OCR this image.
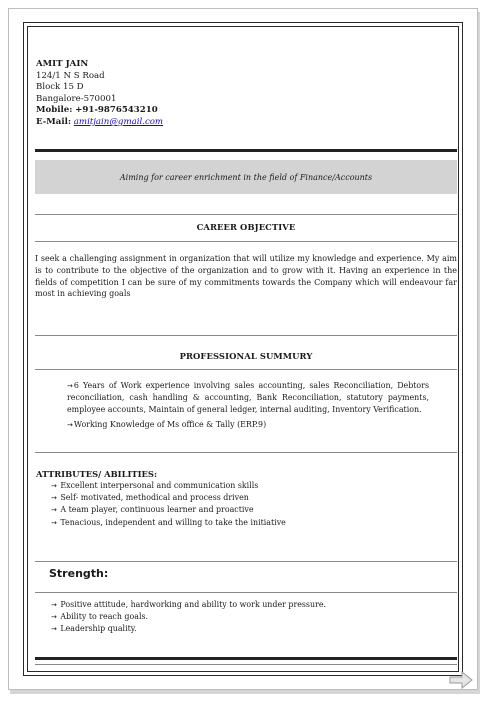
AMIT JAIN
124/1 N S Road
Block 15 D
Bangalore-570001
Mobile: +91-9876543210
E-Mail: amitjain@gmail.com
Aiming for career enrichment in the field of Finance/Accounts
CAREER OBJECTIVE
I seek a challenging assignment in organization that will utilize my knowledge and experience. My aim is to contribute to the objective of the organization and to grow with it. Having an experience in the fields of competition I can be sure of my commitments towards the Company which will endeavour far most in achieving goals
PROFESSIONAL SUMMURY
→6 Years of Work experience involving sales accounting, sales Reconciliation, Debtors reconciliation, cash handling & accounting, Bank Reconciliation, statutory payments, employee accounts, Maintain of general ledger, internal auditing, Inventory Verification.
→Working Knowledge of Ms office & Tally (ERP.9)
ATTRIBUTES/ ABILITIES:
→ Excellent interpersonal and communication skills
→ Self- motivated, methodical and process driven
→ A team player, continuous learner and proactive
→ Tenacious, independent and willing to take the initiative
Strength:
→ Positive attitude, hardworking and ability to work under pressure.
→ Ability to reach goals.
→ Leadership quality.
